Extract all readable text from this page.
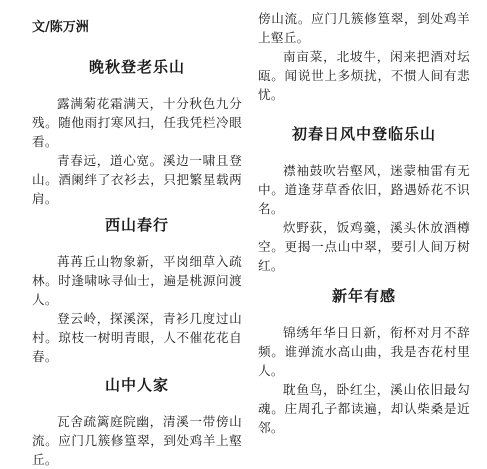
文/陈万洲
晚秋登老乐山
露满菊花霜满天，十分秋色九分残。随他雨打寒风扫，任我凭栏冷眼看。
青春远，道心宽。溪边一啸且登山。酒阑绊了衣衫去，只把繁星载两肩。
西山春行
苒苒丘山物象新，平岗细草入疏林。时逢啸咏寻仙士，遍是桃源问渡人。
登云岭，探溪深，青衫几度过山村。琼枝一树明青眼，人不催花花自春。
山中人家
瓦舍疏篱庭院幽，清溪一带傍山流。应门几簇修篁翠，到处鸡羊上壑丘。
傍山流。应门几簇修篁翠，到处鸡羊上壑丘。
南亩菜，北坡牛，闲来把酒对坛瓯。闻说世上多烦扰，不惯人间有悲忧。
初春日风中登临乐山
襟袖鼓吹岩壑风，迷蒙柚雷有无中。道逢芽草香依旧，路遇娇花不识名。
炊野荻，饭鸡羹，溪头休放酒樽空。更揭一点山中翠，要引人间万树红。
新年有感
锦绣年华日日新，衔杯对月不辞频。谁弹流水高山曲，我是杏花村里人。
耽鱼鸟，卧红尘，溪山依旧最勾魂。庄周孔子都读遍，却认柴桑是近邻。
